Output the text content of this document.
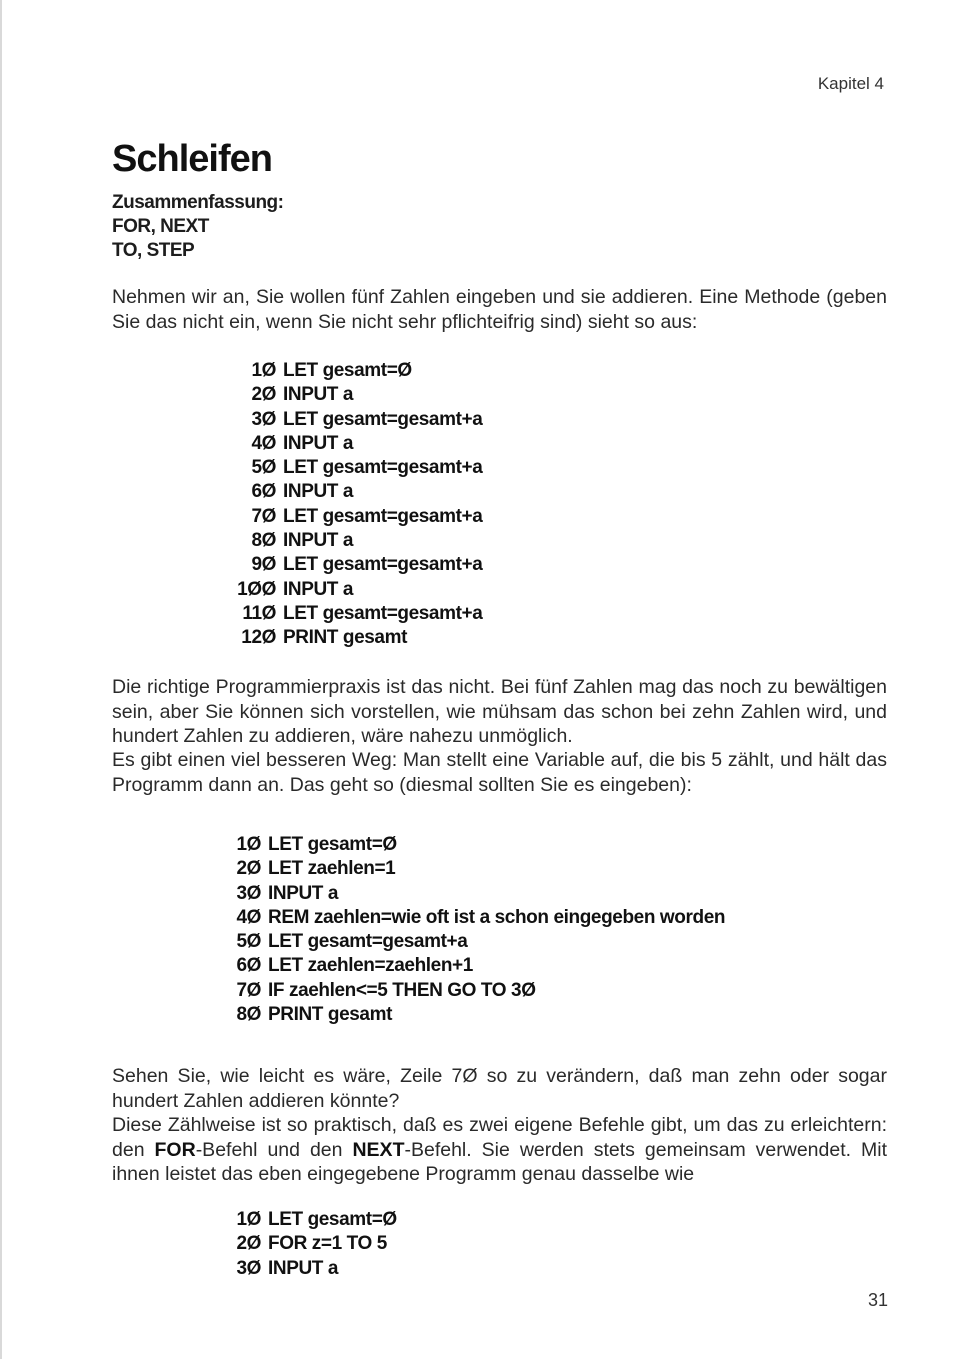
Kapitel 4
Schleifen
Zusammenfassung:
FOR, NEXT
TO, STEP

Nehmen wir an, Sie wollen fünf Zahlen eingeben und sie addieren. Eine Methode (geben Sie das nicht ein, wenn Sie nicht sehr pflichteifrig sind) sieht so aus:

1Ø LET gesamt=Ø
2Ø INPUT a
3Ø LET gesamt=gesamt+a
4Ø INPUT a
5Ø LET gesamt=gesamt+a
6Ø INPUT a
7Ø LET gesamt=gesamt+a
8Ø INPUT a
9Ø LET gesamt=gesamt+a
1ØØ INPUT a
11Ø LET gesamt=gesamt+a
12Ø PRINT gesamt

Die richtige Programmierpraxis ist das nicht. Bei fünf Zahlen mag das noch zu bewältigen sein, aber Sie können sich vorstellen, wie mühsam das schon bei zehn Zahlen wird, und hundert Zahlen zu addieren, wäre nahezu unmöglich.

Es gibt einen viel besseren Weg: Man stellt eine Variable auf, die bis 5 zählt, und hält das Programm dann an. Das geht so (diesmal sollten Sie es eingeben):

1Ø LET gesamt=Ø
2Ø LET zaehlen=1
3Ø INPUT a
4Ø REM zaehlen=wie oft ist a schon eingegeben worden
5Ø LET gesamt=gesamt+a
6Ø LET zaehlen=zaehlen+1
7Ø IF zaehlen<=5 THEN GO TO 3Ø
8Ø PRINT gesamt

Sehen Sie, wie leicht es wäre, Zeile 7Ø so zu verändern, daß man zehn oder sogar hundert Zahlen addieren könnte?

Diese Zählweise ist so praktisch, daß es zwei eigene Befehle gibt, um das zu erleichtern: den FOR-Befehl und den NEXT-Befehl. Sie werden stets gemeinsam verwendet. Mit ihnen leistet das eben eingegebene Programm genau dasselbe wie

1Ø LET gesamt=Ø
2Ø FOR z=1 TO 5
3Ø INPUT a
31
